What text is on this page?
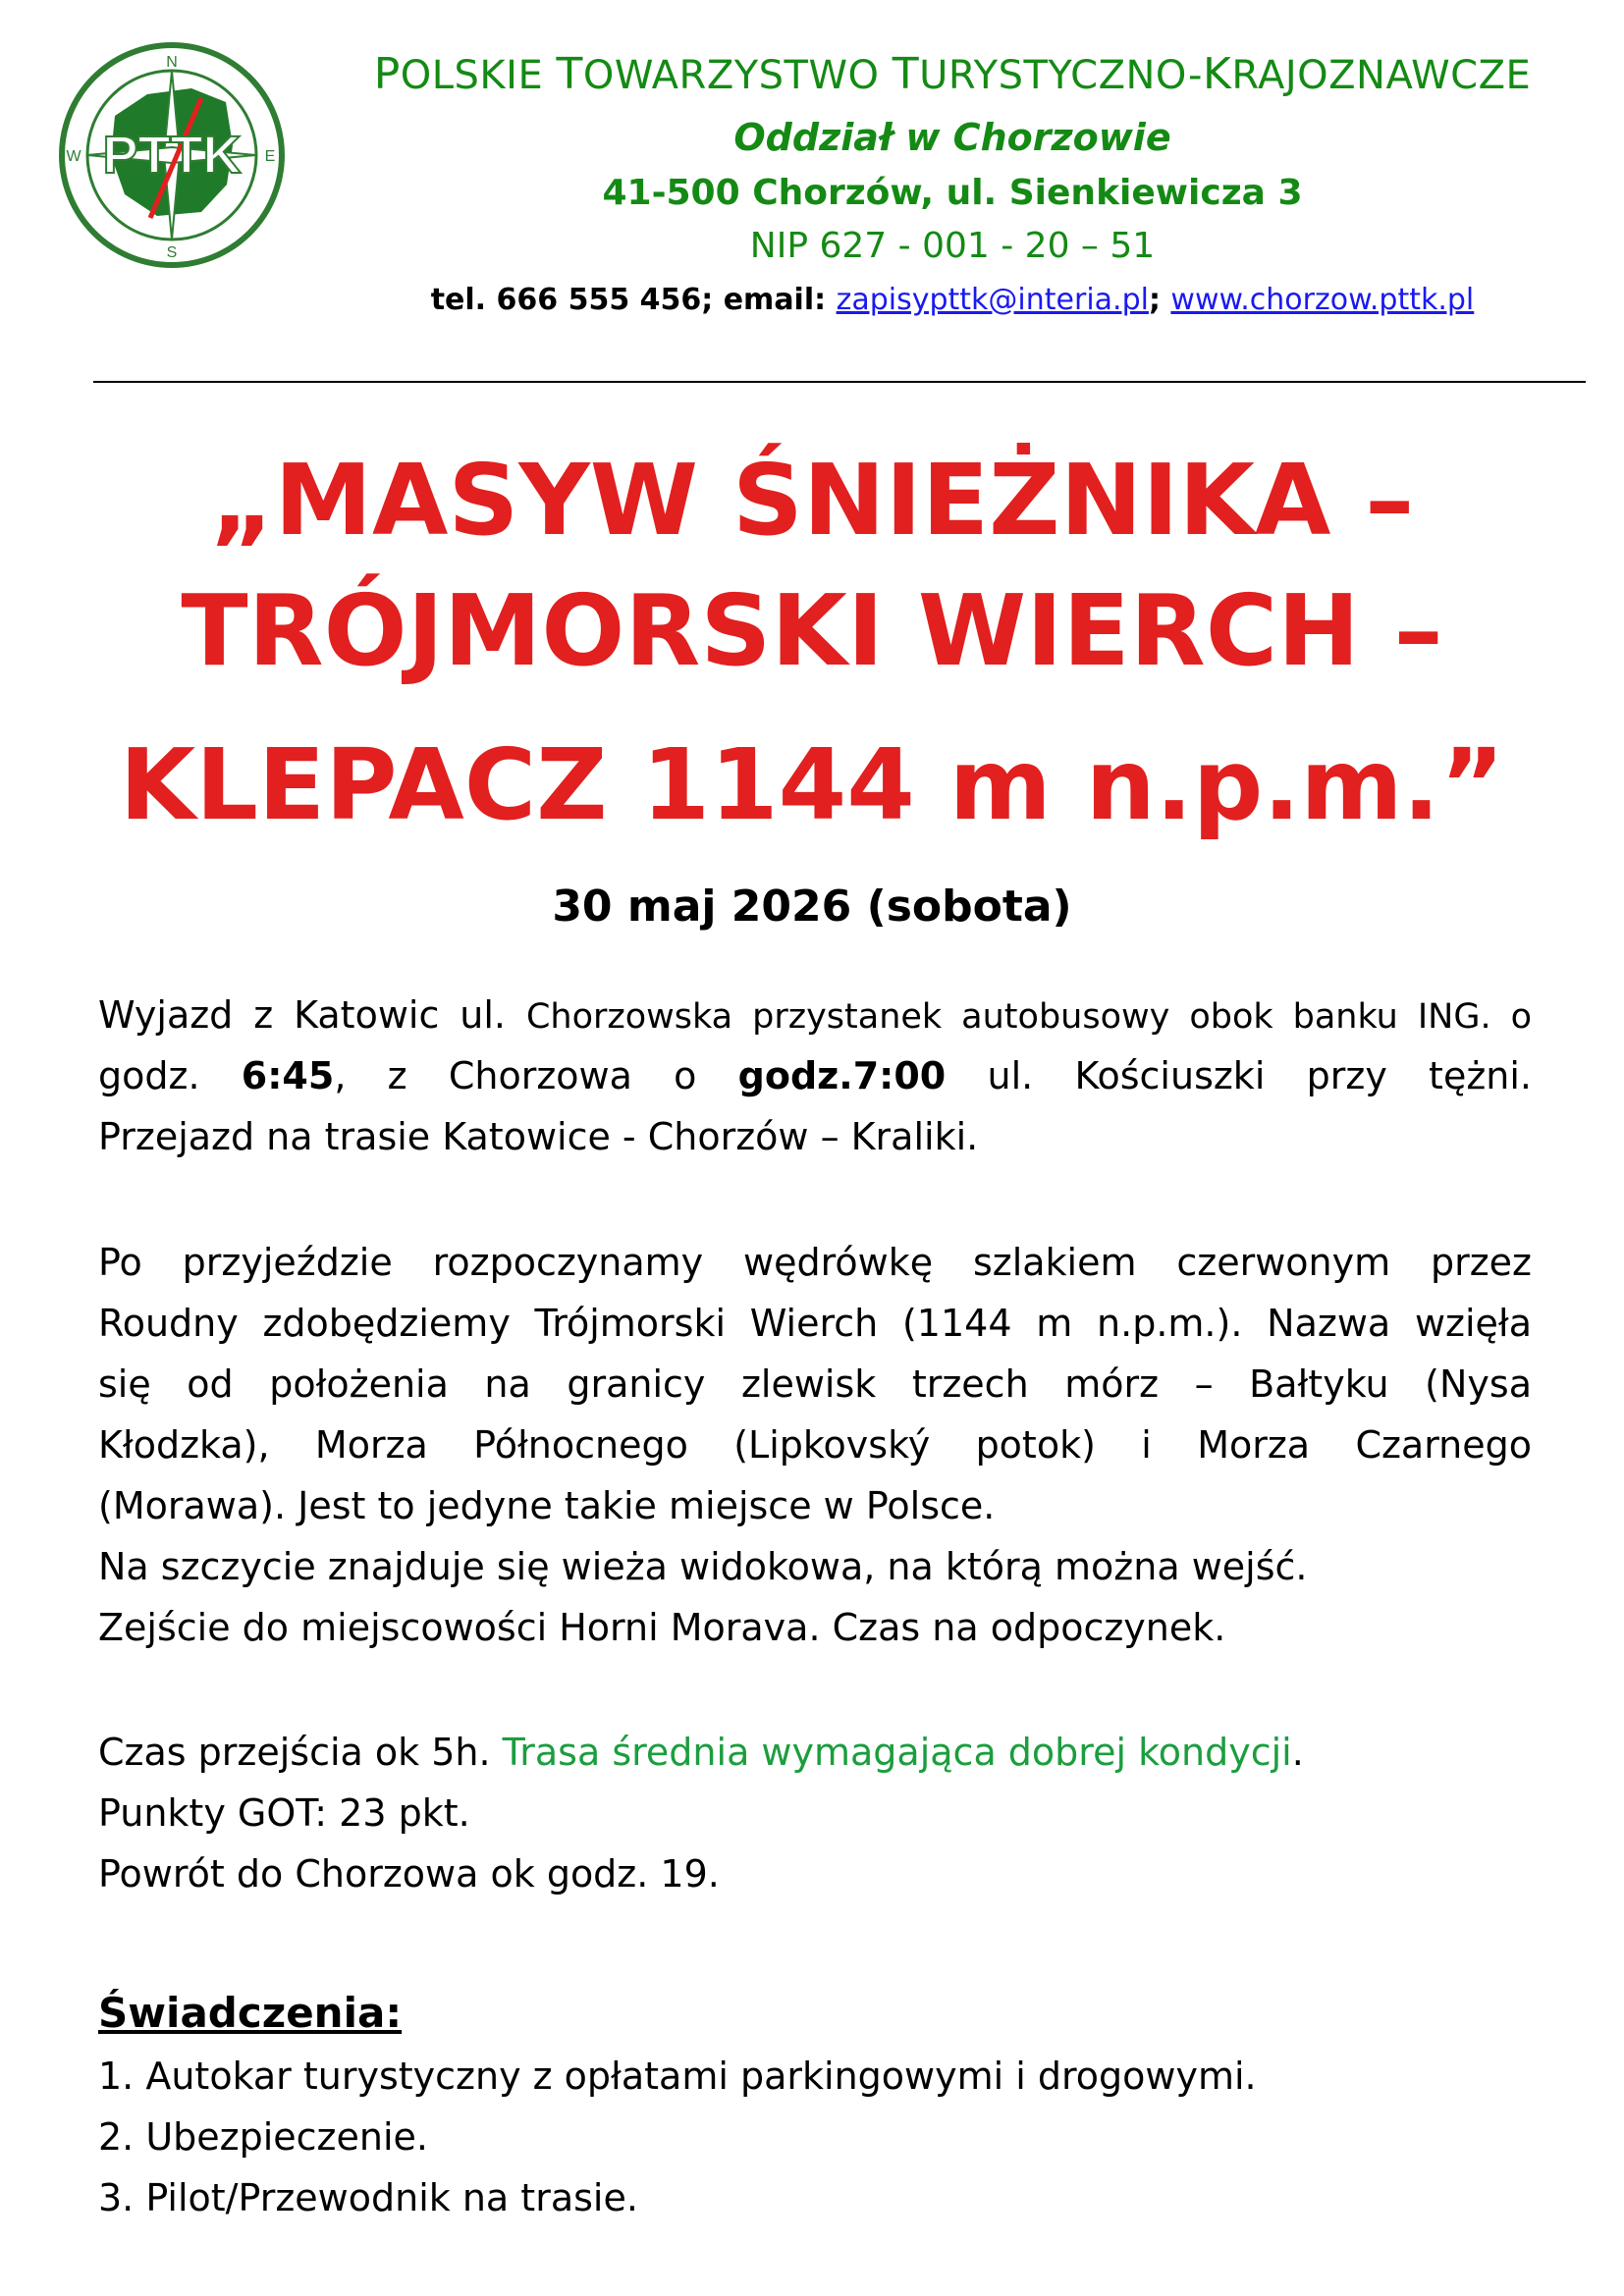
N
S
W	E
PTTK
POLSKIE TOWARZYSTWO TURYSTYCZNO-KRAJOZNAWCZE
Oddział w Chorzowie
41-500 Chorzów, ul. Sienkiewicza 3
NIP 627 - 001 - 20 – 51
tel. 666 555 456; email: zapisypttk@interia.pl; www.chorzow.pttk.pl
„MASYW ŚNIEŻNIKA –
TRÓJMORSKI WIERCH –
KLEPACZ 1144 m n.p.m.”
30 maj 2026 (sobota)
Wyjazd z Katowic ul. Chorzowska przystanek autobusowy obok banku ING. o
godz. 6:45, z Chorzowa o godz.7:00 ul. Kościuszki przy tężni.
Przejazd na trasie Katowice - Chorzów – Kraliki.
Po przyjeździe rozpoczynamy wędrówkę szlakiem czerwonym przez
Roudny zdobędziemy Trójmorski Wierch (1144 m n.p.m.). Nazwa wzięła
się od położenia na granicy zlewisk trzech mórz – Bałtyku (Nysa
Kłodzka), Morza Północnego (Lipkovský potok) i Morza Czarnego
(Morawa). Jest to jedyne takie miejsce w Polsce.
Na szczycie znajduje się wieża widokowa, na którą można wejść.
Zejście do miejscowości Horni Morava. Czas na odpoczynek.
Czas przejścia ok 5h. Trasa średnia wymagająca dobrej kondycji.
Punkty GOT: 23 pkt.
Powrót do Chorzowa ok godz. 19.
Świadczenia:
1. Autokar turystyczny z opłatami parkingowymi i drogowymi.
2. Ubezpieczenie.
3. Pilot/Przewodnik na trasie.
